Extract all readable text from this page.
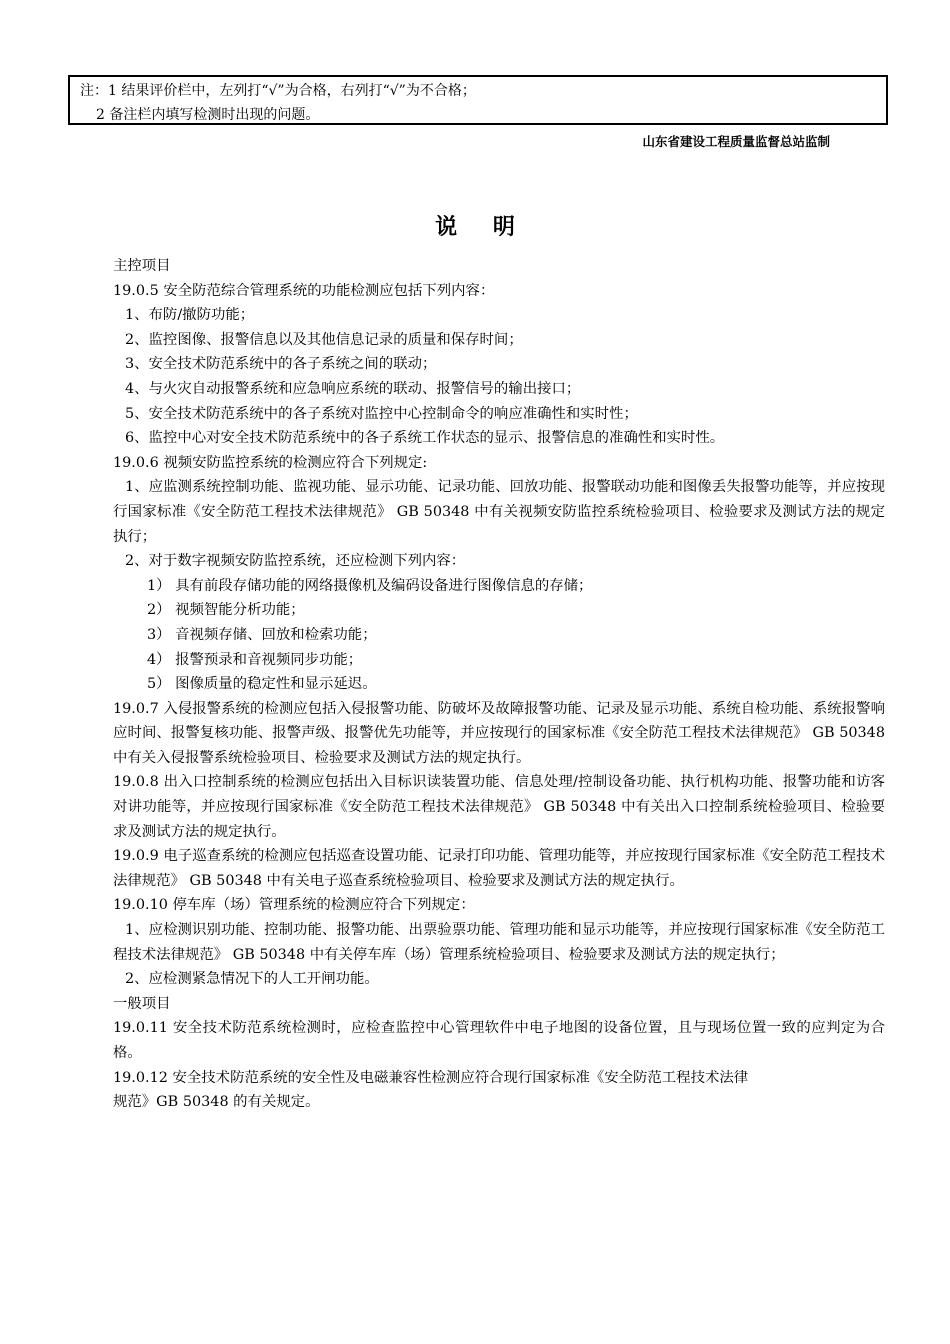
注：1 结果评价栏中，左列打“√”为合格，右列打“√”为不合格；
2 备注栏内填写检测时出现的问题。
山东省建设工程质量监督总站监制
说 明

主控项目

19.0.5 安全防范综合管理系统的功能检测应包括下列内容：

1、布防/撤防功能；

2、监控图像、报警信息以及其他信息记录的质量和保存时间；

3、安全技术防范系统中的各子系统之间的联动；

4、与火灾自动报警系统和应急响应系统的联动、报警信号的输出接口；

5、安全技术防范系统中的各子系统对监控中心控制命令的响应准确性和实时性；

6、监控中心对安全技术防范系统中的各子系统工作状态的显示、报警信息的准确性和实时性。

19.0.6 视频安防监控系统的检测应符合下列规定:

1、应监测系统控制功能、监视功能、显示功能、记录功能、回放功能、报警联动功能和图像丢失报警功能等，并应按现行国家标准《安全防范工程技术法律规范》 GB 50348 中有关视频安防监控系统检验项目、检验要求及测试方法的规定执行；

2、对于数字视频安防监控系统，还应检测下列内容：

1） 具有前段存储功能的网络摄像机及编码设备进行图像信息的存储；

2） 视频智能分析功能；

3） 音视频存储、回放和检索功能；

4） 报警预录和音视频同步功能；

5） 图像质量的稳定性和显示延迟。

19.0.7 入侵报警系统的检测应包括入侵报警功能、防破坏及故障报警功能、记录及显示功能、系统自检功能、系统报警响应时间、报警复核功能、报警声级、报警优先功能等，并应按现行的国家标准《安全防范工程技术法律规范》 GB 50348 中有关入侵报警系统检验项目、检验要求及测试方法的规定执行。

19.0.8 出入口控制系统的检测应包括出入目标识读装置功能、信息处理/控制设备功能、执行机构功能、报警功能和访客对讲功能等，并应按现行国家标准《安全防范工程技术法律规范》 GB 50348 中有关出入口控制系统检验项目、检验要求及测试方法的规定执行。

19.0.9 电子巡查系统的检测应包括巡查设置功能、记录打印功能、管理功能等，并应按现行国家标准《安全防范工程技术法律规范》 GB 50348 中有关电子巡查系统检验项目、检验要求及测试方法的规定执行。

19.0.10 停车库（场）管理系统的检测应符合下列规定：

1、应检测识别功能、控制功能、报警功能、出票验票功能、管理功能和显示功能等，并应按现行国家标准《安全防范工程技术法律规范》 GB 50348 中有关停车库（场）管理系统检验项目、检验要求及测试方法的规定执行；

2、应检测紧急情况下的人工开闸功能。

一般项目

19.0.11 安全技术防范系统检测时，应检查监控中心管理软件中电子地图的设备位置，且与现场位置一致的应判定为合格。

19.0.12 安全技术防范系统的安全性及电磁兼容性检测应符合现行国家标准《安全防范工程技术法律

规范》GB 50348 的有关规定。
